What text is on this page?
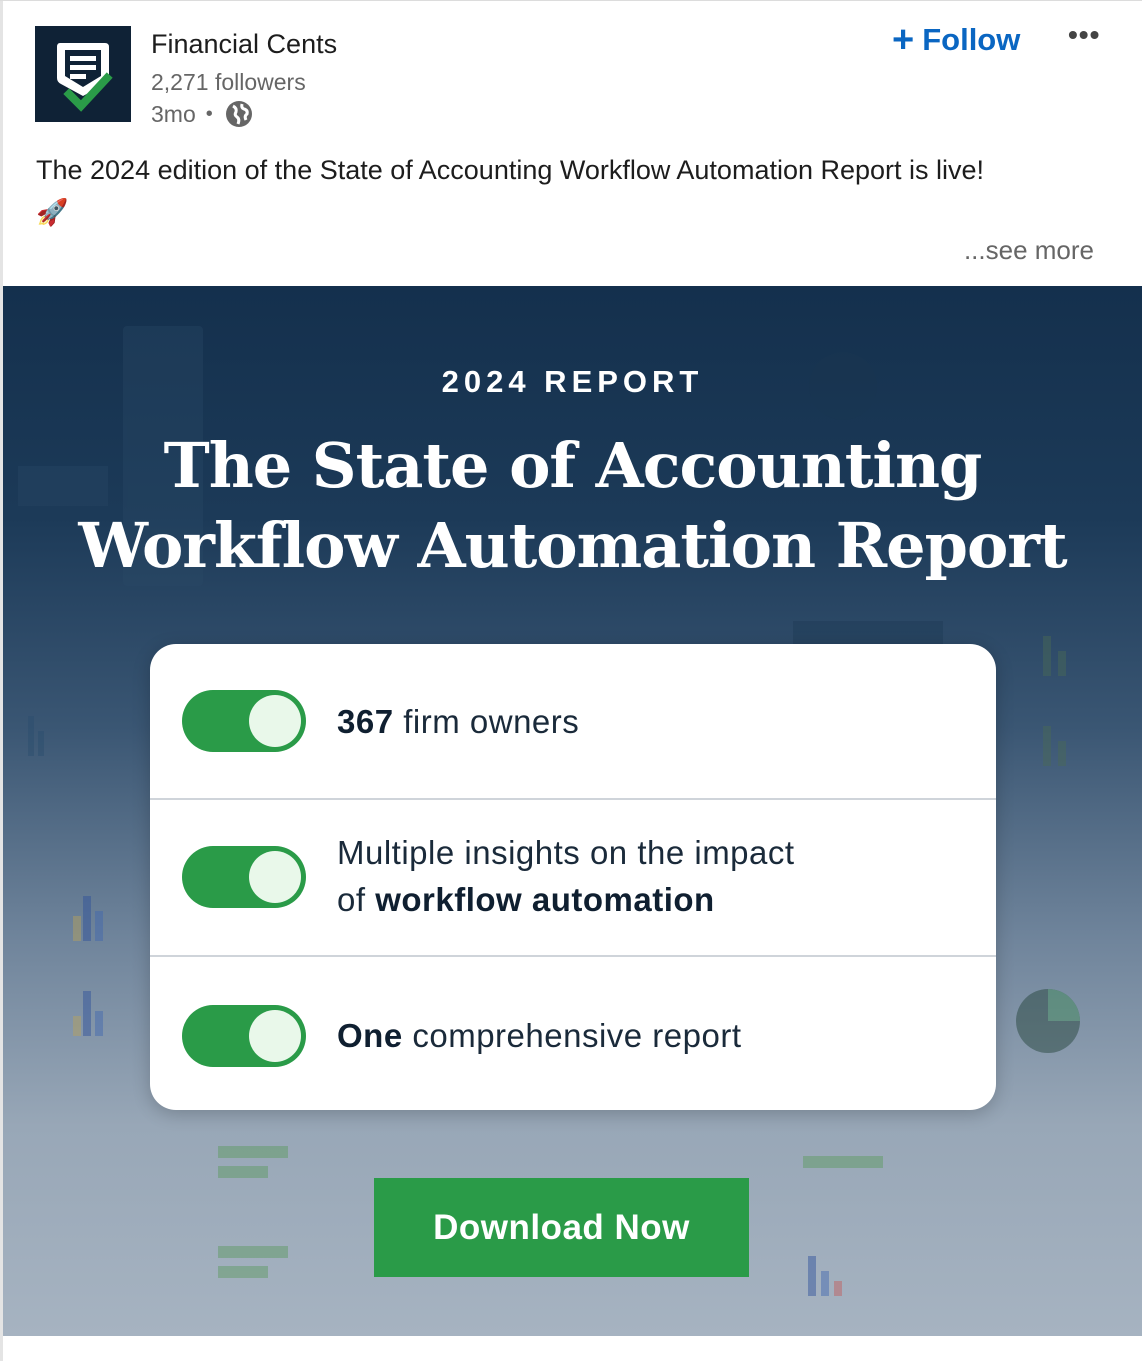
Financial Cents
2,271 followers
3mo •
+ Follow •••
The 2024 edition of the State of Accounting Workflow Automation Report is live!
🚀
...see more
2024 REPORT
The State of Accounting
Workflow Automation Report
367 firm owners
Multiple insights on the impact
of workflow automation
One comprehensive report
Download Now
